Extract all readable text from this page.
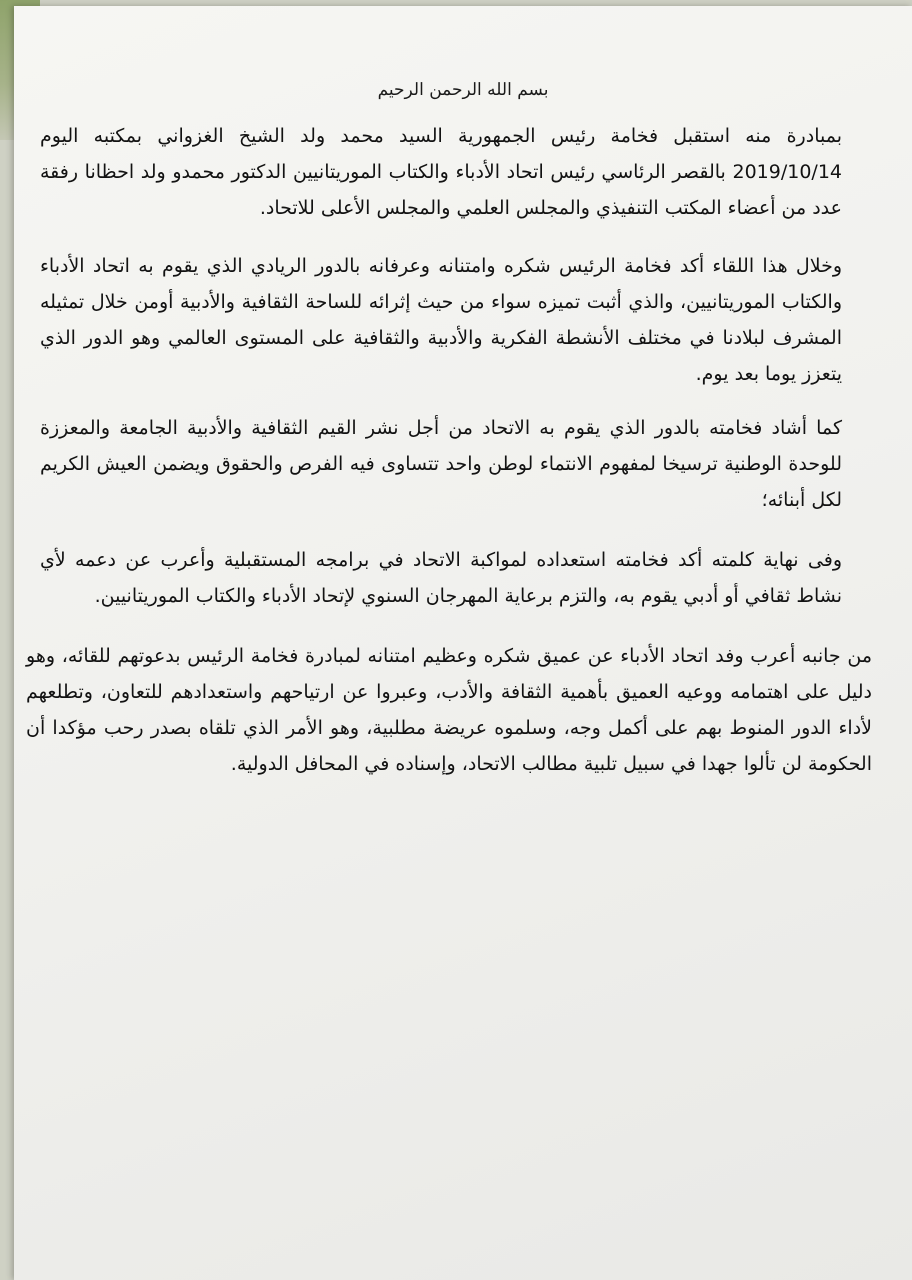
بسم الله الرحمن الرحيم

بمبادرة منه استقبل فخامة رئيس الجمهورية السيد محمد ولد الشيخ الغزواني بمكتبه اليوم 2019/10/14 بالقصر الرئاسي رئيس اتحاد الأدباء والكتاب الموريتانيين الدكتور محمدو ولد احظانا رفقة عدد من أعضاء المكتب التنفيذي والمجلس العلمي والمجلس الأعلى للاتحاد.

وخلال هذا اللقاء أكد فخامة الرئيس شكره وامتنانه وعرفانه بالدور الريادي الذي يقوم به اتحاد الأدباء والكتاب الموريتانيين، والذي أثبت تميزه سواء من حيث إثرائه للساحة الثقافية والأدبية أومن خلال تمثيله المشرف لبلادنا في مختلف الأنشطة الفكرية والأدبية والثقافية على المستوى العالمي وهو الدور الذي يتعزز يوما بعد يوم.

كما أشاد فخامته بالدور الذي يقوم به الاتحاد من أجل نشر القيم الثقافية والأدبية الجامعة والمعززة للوحدة الوطنية ترسيخا لمفهوم الانتماء لوطن واحد تتساوى فيه الفرص والحقوق ويضمن العيش الكريم لكل أبنائه؛

وفى نهاية كلمته أكد فخامته استعداده لمواكبة الاتحاد في برامجه المستقبلية وأعرب عن دعمه لأي نشاط ثقافي أو أدبي يقوم به، والتزم برعاية المهرجان السنوي لإتحاد الأدباء والكتاب الموريتانيين.

من جانبه أعرب وفد اتحاد الأدباء عن عميق شكره وعظيم امتنانه لمبادرة فخامة الرئيس بدعوتهم للقائه، وهو دليل على اهتمامه ووعيه العميق بأهمية الثقافة والأدب، وعبروا عن ارتياحهم واستعدادهم للتعاون، وتطلعهم لأداء الدور المنوط بهم على أكمل وجه، وسلموه عريضة مطلبية، وهو الأمر الذي تلقاه بصدر رحب مؤكدا أن الحكومة لن تألوا جهدا في سبيل تلبية مطالب الاتحاد، وإسناده في المحافل الدولية.
